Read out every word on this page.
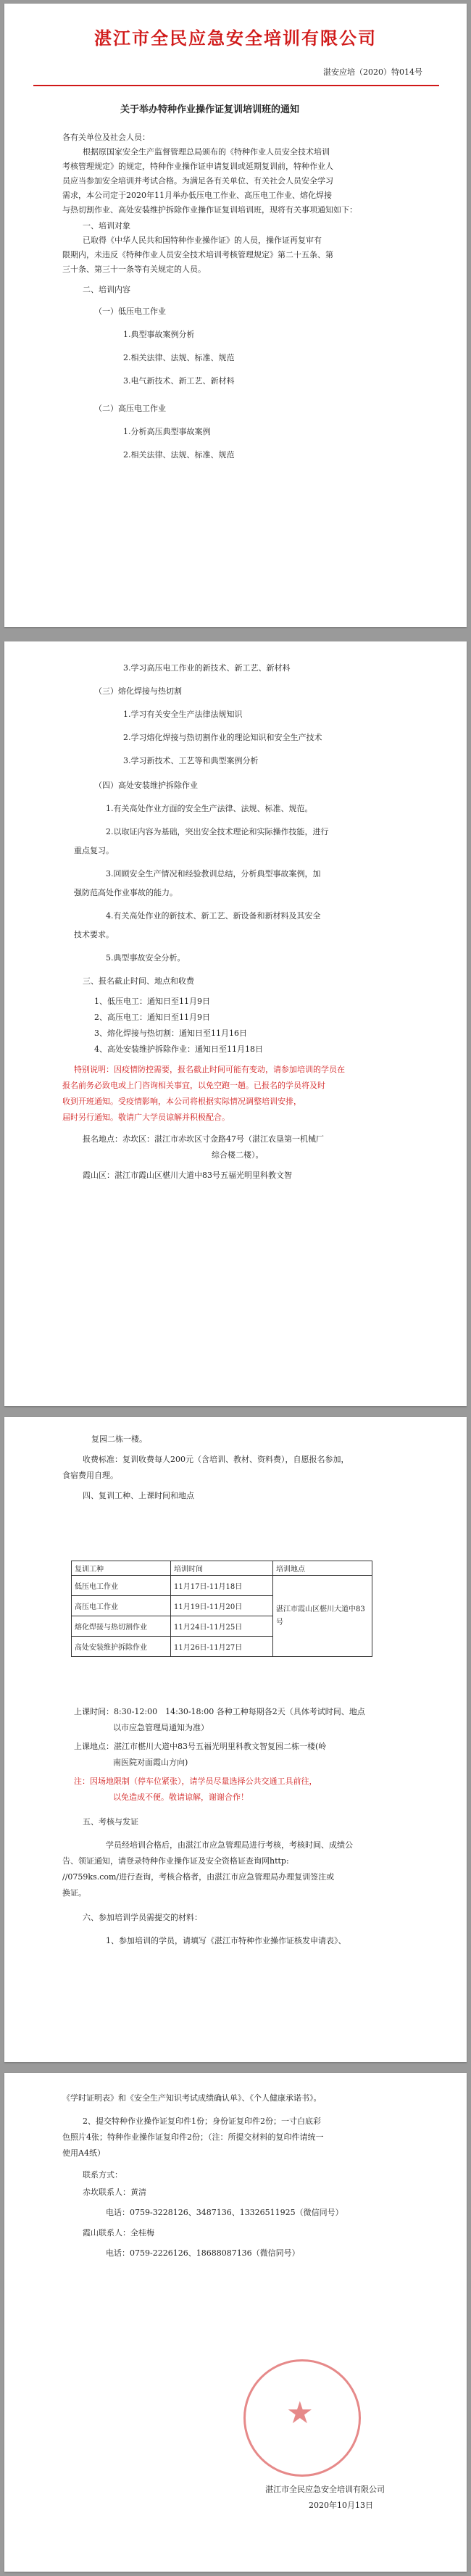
湛江市全民应急安全培训有限公司
湛安应培（2020）特014号
关于举办特种作业操作证复训培训班的通知
各有关单位及社会人员：
根据原国家安全生产监督管理总局颁布的《特种作业人员安全技术培训
考核管理规定》的规定，特种作业操作证申请复训或延期复训前，特种作业人
员应当参加安全培训并考试合格。为满足各有关单位、有关社会人员安全学习
需求，本公司定于2020年11月举办低压电工作业、高压电工作业、熔化焊接
与热切割作业、高处安装维护拆除作业操作证复训培训班，现将有关事项通知如下：
一、培训对象
已取得《中华人民共和国特种作业操作证》的人员，操作证再复审有
限期内，未违反《特种作业人员安全技术培训考核管理规定》第二十五条、第
三十条、第三十一条等有关规定的人员。
二、培训内容
（一）低压电工作业
1.典型事故案例分析
2.相关法律、法规、标准、规范
3.电气新技术、新工艺、新材料
（二）高压电工作业
1.分析高压典型事故案例
2.相关法律、法规、标准、规范
3.学习高压电工作业的新技术、新工艺、新材料
（三）熔化焊接与热切割
1.学习有关安全生产法律法规知识
2.学习熔化焊接与热切割作业的理论知识和安全生产技术
3.学习新技术、工艺等和典型案例分析
（四）高处安装维护拆除作业
1.有关高处作业方面的安全生产法律、法规、标准、规范。
2.以取证内容为基础，突出安全技术理论和实际操作技能，进行
重点复习。
3.回顾安全生产情况和经验教训总结，分析典型事故案例，加
强防范高处作业事故的能力。
4.有关高处作业的新技术、新工艺、新设备和新材料及其安全
技术要求。
5.典型事故安全分析。
三、报名截止时间、地点和收费
1、低压电工：通知日至11月9日
2、高压电工：通知日至11月9日
3、熔化焊接与热切割：通知日至11月16日
4、高处安装维护拆除作业：通知日至11月18日
特别说明：因疫情防控需要，报名截止时间可能有变动，请参加培训的学员在
报名前务必致电或上门咨询相关事宜，以免空跑一趟。已报名的学员将及时
收到开班通知。受疫情影响，本公司将根据实际情况调整培训安排，
届时另行通知。敬请广大学员谅解并积极配合。
报名地点：赤坎区：湛江市赤坎区寸金路47号（湛江农垦第一机械厂
综合楼二楼）。
霞山区：湛江市霞山区椹川大道中83号五福光明里科教文智
复园二栋一楼。
收费标准：复训收费每人200元（含培训、教材、资料费），自愿报名参加，
食宿费用自理。
四、复训工种、上课时间和地点
复训工种	培训时间	培训地点
低压电工作业	11月17日-11月18日	湛江市霞山区椹川大道中83号
高压电工作业	11月19日-11月20日	
熔化焊接与热切割作业	11月24日-11月25日	
高处安装维护拆除作业	11月26日-11月27日	
上课时间：8:30-12:00　14:30-18:00 各种工种每期各2天（具体考试时间、地点
以市应急管理局通知为准）
上课地点：湛江市椹川大道中83号五福光明里科教文智复园二栋一楼(岭
南医院对面霞山方向)
注：因场地限制（停车位紧张），请学员尽量选择公共交通工具前往，
以免造成不便。敬请谅解，谢谢合作！
五、考核与发证
学员经培训合格后，由湛江市应急管理局进行考核，考核时间、成绩公
告、领证通知，请登录特种作业操作证及安全资格证查询网http:
//0759ks.com/进行查询，考核合格者，由湛江市应急管理局办理复训签注或
换证。
六、参加培训学员需提交的材料：
1、参加培训的学员，请填写《湛江市特种作业操作证核发申请表》、
《学时证明表》和《安全生产知识考试成绩确认单》、《个人健康承诺书》。
2、提交特种作业操作证复印件1份；身份证复印件2份；一寸白底彩
色照片4张；特种作业操作证复印件2份；（注：所提交材料的复印件请统一
使用A4纸）
联系方式：
赤坎联系人：黄清
电话：0759-3228126、3487136、13326511925（微信同号）
霞山联系人：全桂梅
电话：0759-2226126、18688087136（微信同号）
★
湛江市全民应急安全培训有限公司
2020年10月13日
